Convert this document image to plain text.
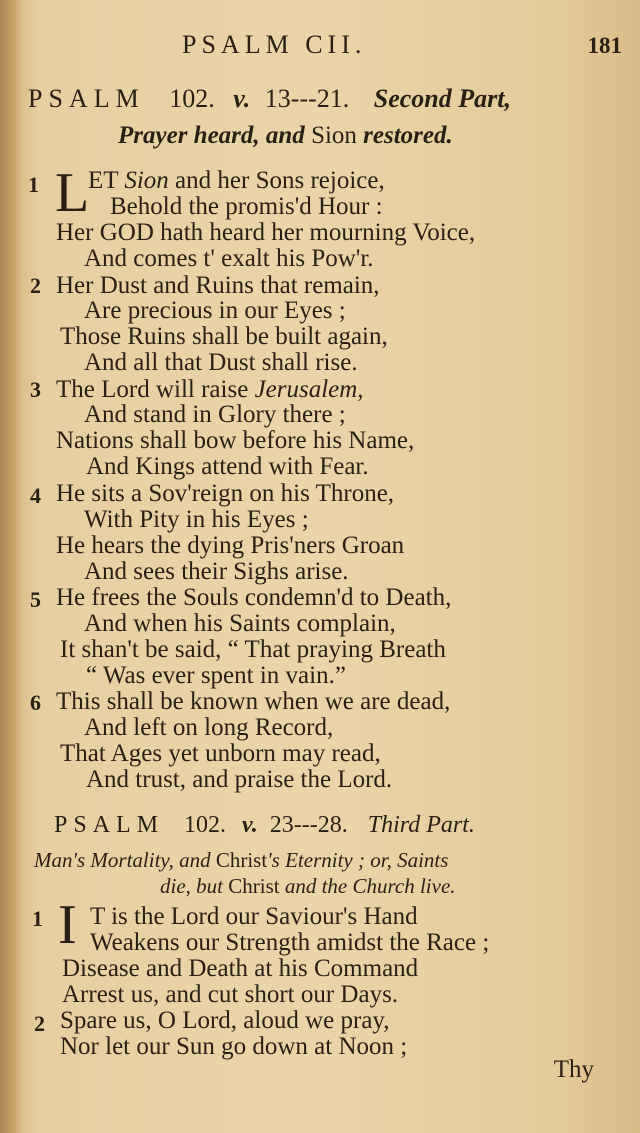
PSALM CII.	181
PSALM 102. v. 13---21. Second Part,
Prayer heard, and Sion restored.
1
2
3
4
5
6
L
ET Sion and her Sons rejoice,
Behold the promis'd Hour :
Her GOD hath heard her mourning Voice,
And comes t' exalt his Pow'r.
Her Dust and Ruins that remain,
Are precious in our Eyes ;
Those Ruins shall be built again,
And all that Dust shall rise.
The Lord will raise Jerusalem,
And stand in Glory there ;
Nations shall bow before his Name,
And Kings attend with Fear.
He sits a Sov'reign on his Throne,
With Pity in his Eyes ;
He hears the dying Pris'ners Groan
And sees their Sighs arise.
He frees the Souls condemn'd to Death,
And when his Saints complain,
It shan't be said, “ That praying Breath
“ Was ever spent in vain.”
This shall be known when we are dead,
And left on long Record,
That Ages yet unborn may read,
And trust, and praise the Lord.
PSALM 102. v. 23---28. Third Part.
Man's Mortality, and Christ's Eternity ; or, Saints
die, but Christ and the Church live.
1 I T is the Lord our Saviour's Hand
Weakens our Strength amidst the Race ;
Disease and Death at his Command
Arrest us, and cut short our Days.
2 Spare us, O Lord, aloud we pray,
Nor let our Sun go down at Noon ;
Thy
